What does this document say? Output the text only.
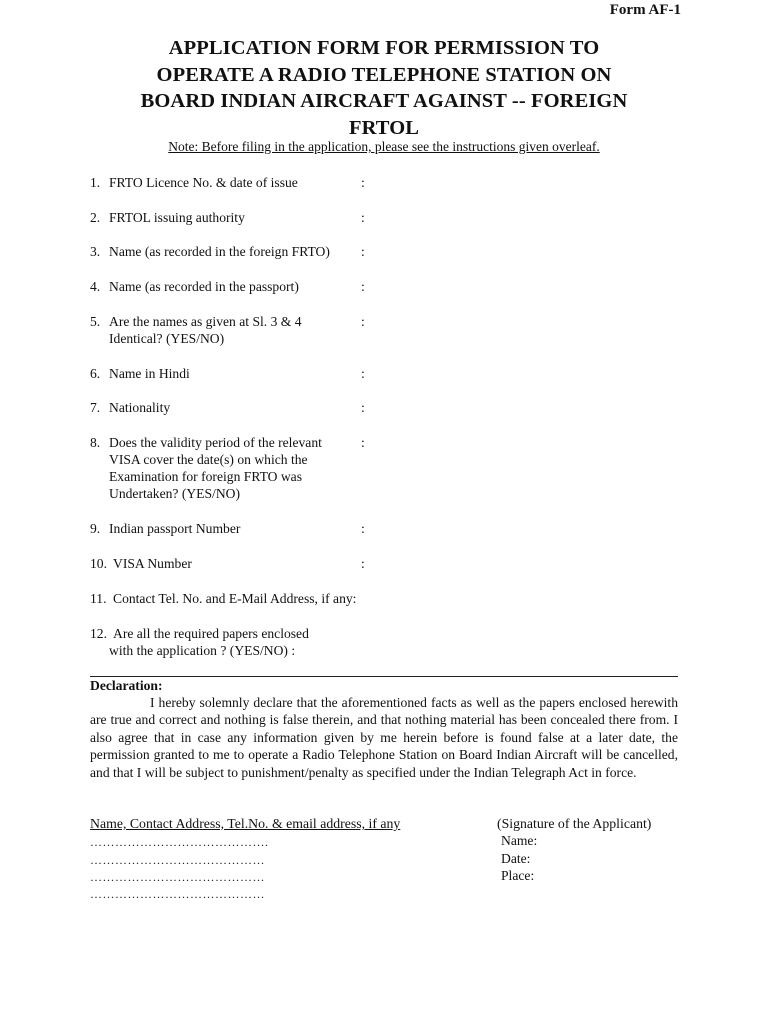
Form AF-1
APPLICATION FORM FOR PERMISSION TO
OPERATE A RADIO TELEPHONE STATION ON
BOARD INDIAN AIRCRAFT AGAINST -- FOREIGN
FRTOL
Note: Before filing in the application, please see the instructions given overleaf.
1. FRTO Licence No. & date of issue	:
2. FRTOL issuing authority	:
3. Name (as recorded in the foreign FRTO) :
4. Name (as recorded in the passport)	:
5. Are the names as given at Sl. 3 & 4
Identical? (YES/NO)
:
6. Name in Hindi	:
7. Nationality	:
8. Does the validity period of the relevant
VISA cover the date(s) on which the
Examination for foreign FRTO was
Undertaken? (YES/NO)
:
9. Indian passport Number	:
10. VISA Number	:
11. Contact Tel. No. and E-Mail Address, if any:
12. Are all the required papers enclosed
with the application ? (YES/NO) :
Declaration:
I hereby solemnly declare that the aforementioned facts as well as the papers enclosed herewith are true and correct and nothing is false therein, and that nothing material has been concealed there from. I also agree that in case any information given by me herein before is found false at a later date, the permission granted to me to operate a Radio Telephone Station on Board Indian Aircraft will be cancelled, and that I will be subject to punishment/penalty as specified under the Indian Telegraph Act in force.
Name, Contact Address, Tel.No. & email address, if any
…………………………………….
……………………………………
……………………………………
……………………………………
(Signature of the Applicant)
Name:
Date:
Place:
